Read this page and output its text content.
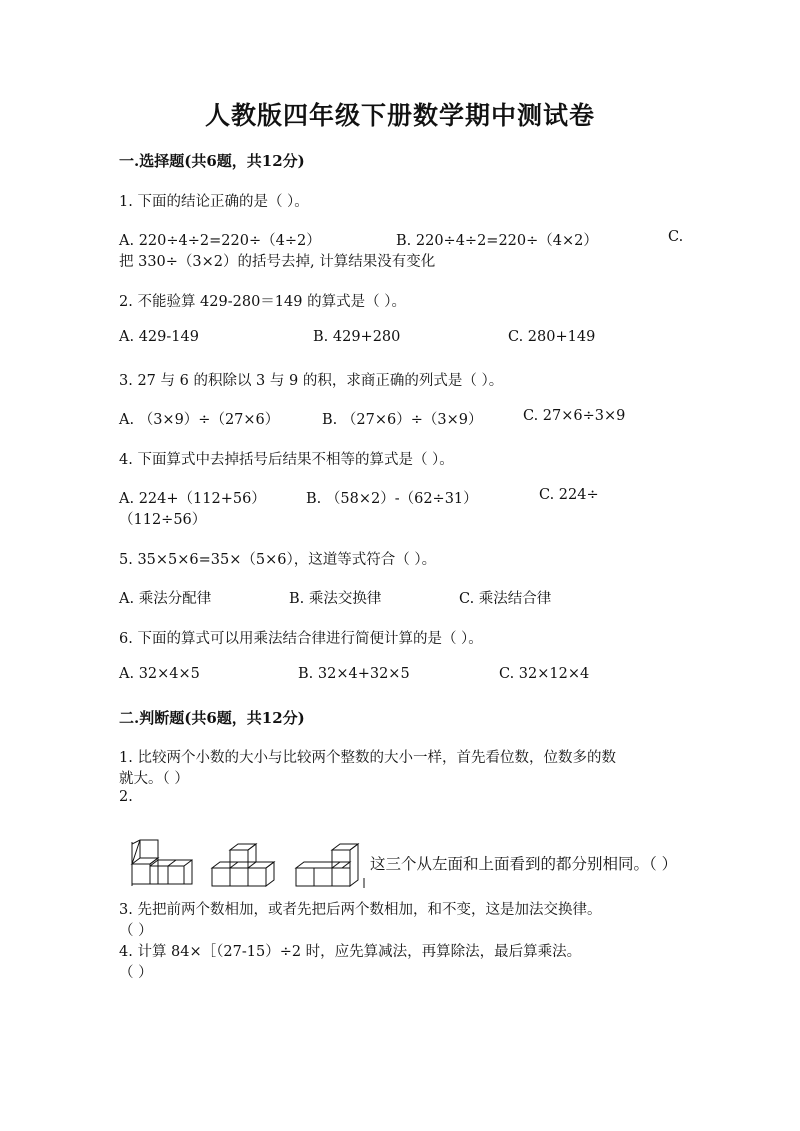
人教版四年级下册数学期中测试卷
一.选择题(共6题，共12分)
1. 下面的结论正确的是（ ）。
A. 220÷4÷2=220÷（4÷2）	B. 220÷4÷2=220÷（4×2）	C.
把 330÷（3×2）的括号去掉, 计算结果没有变化
2. 不能验算 429-280＝149 的算式是（ ）。
A. 429-149	B. 429+280	C. 280+149
3. 27 与 6 的积除以 3 与 9 的积，求商正确的列式是（ ）。
A. （3×9）÷（27×6）	B. （27×6）÷（3×9）	C. 27×6÷3×9
4. 下面算式中去掉括号后结果不相等的算式是（ ）。
A. 224+（112+56）	B. （58×2）-（62÷31）	C. 224÷
（112÷56）
5. 35×5×6=35×（5×6），这道等式符合（ ）。
A. 乘法分配律	B. 乘法交换律	C. 乘法结合律
6. 下面的算式可以用乘法结合律进行简便计算的是（ ）。
A. 32×4×5	B. 32×4+32×5	C. 32×12×4
二.判断题(共6题，共12分)
1. 比较两个小数的大小与比较两个整数的大小一样，首先看位数，位数多的数
就大。（ ）
2.
这三个从左面和上面看到的都分别相同。（ ）
3. 先把前两个数相加，或者先把后两个数相加，和不变，这是加法交换律。
（ ）
4. 计算 84×［（27-15）÷2 时，应先算减法，再算除法，最后算乘法。
（ ）
